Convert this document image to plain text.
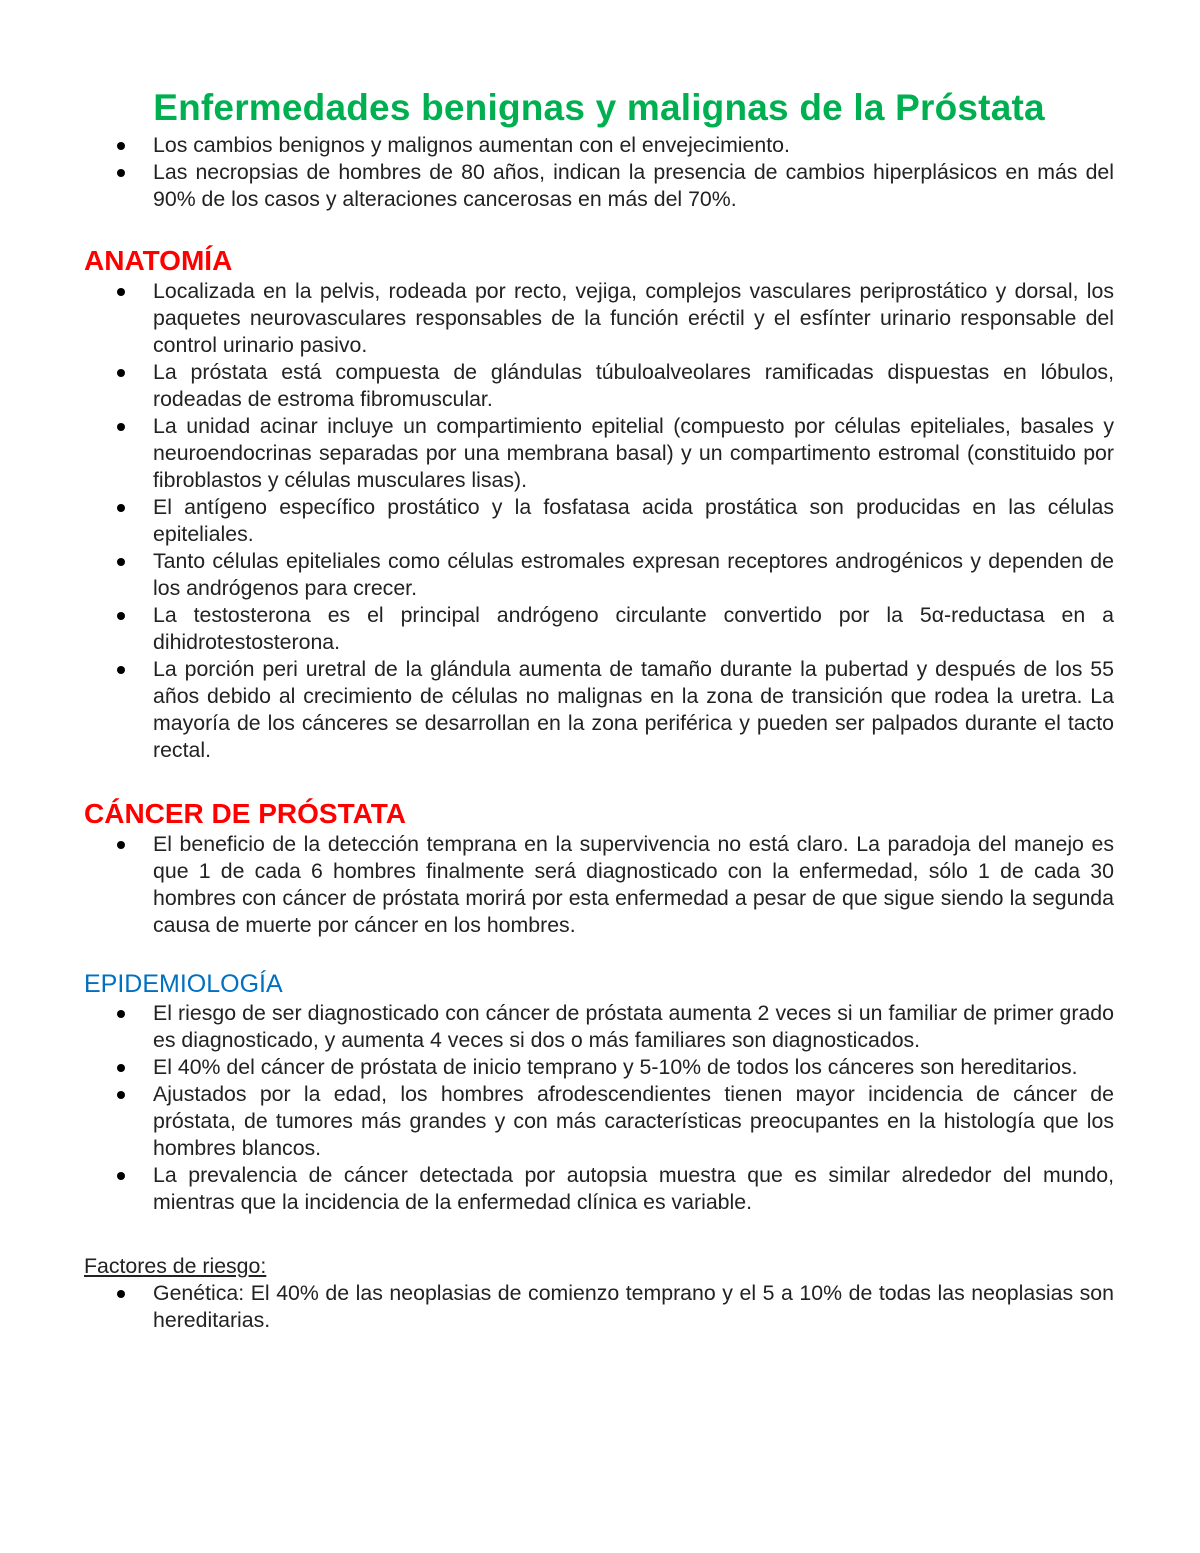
Enfermedades benignas y malignas de la Próstata
Los cambios benignos y malignos aumentan con el envejecimiento.
Las necropsias de hombres de 80 años, indican la presencia de cambios hiperplásicos en más del 90% de los casos y alteraciones cancerosas en más del 70%.
ANATOMÍA
Localizada en la pelvis, rodeada por recto, vejiga, complejos vasculares periprostático y dorsal, los paquetes neurovasculares responsables de la función eréctil y el esfínter urinario responsable del control urinario pasivo.
La próstata está compuesta de glándulas túbuloalveolares ramificadas dispuestas en lóbulos, rodeadas de estroma fibromuscular.
La unidad acinar incluye un compartimiento epitelial (compuesto por células epiteliales, basales y neuroendocrinas separadas por una membrana basal) y un compartimento estromal (constituido por fibroblastos y células musculares lisas).
El antígeno específico prostático y la fosfatasa acida prostática son producidas en las células epiteliales.
Tanto células epiteliales como células estromales expresan receptores androgénicos y dependen de los andrógenos para crecer.
La testosterona es el principal andrógeno circulante convertido por la 5α-reductasa en a dihidrotestosterona.
La porción peri uretral de la glándula aumenta de tamaño durante la pubertad y después de los 55 años debido al crecimiento de células no malignas en la zona de transición que rodea la uretra. La mayoría de los cánceres se desarrollan en la zona periférica y pueden ser palpados durante el tacto rectal.
CÁNCER DE PRÓSTATA
El beneficio de la detección temprana en la supervivencia no está claro. La paradoja del manejo es que 1 de cada 6 hombres finalmente será diagnosticado con la enfermedad, sólo 1 de cada 30 hombres con cáncer de próstata morirá por esta enfermedad a pesar de que sigue siendo la segunda causa de muerte por cáncer en los hombres.
EPIDEMIOLOGÍA
El riesgo de ser diagnosticado con cáncer de próstata aumenta 2 veces si un familiar de primer grado es diagnosticado, y aumenta 4 veces si dos o más familiares son diagnosticados.
El 40% del cáncer de próstata de inicio temprano y 5-10% de todos los cánceres son hereditarios.
Ajustados por la edad, los hombres afrodescendientes tienen mayor incidencia de cáncer de próstata, de tumores más grandes y con más características preocupantes en la histología que los hombres blancos.
La prevalencia de cáncer detectada por autopsia muestra que es similar alrededor del mundo, mientras que la incidencia de la enfermedad clínica es variable.

Factores de riesgo:

Genética: El 40% de las neoplasias de comienzo temprano y el 5 a 10% de todas las neoplasias son hereditarias.
